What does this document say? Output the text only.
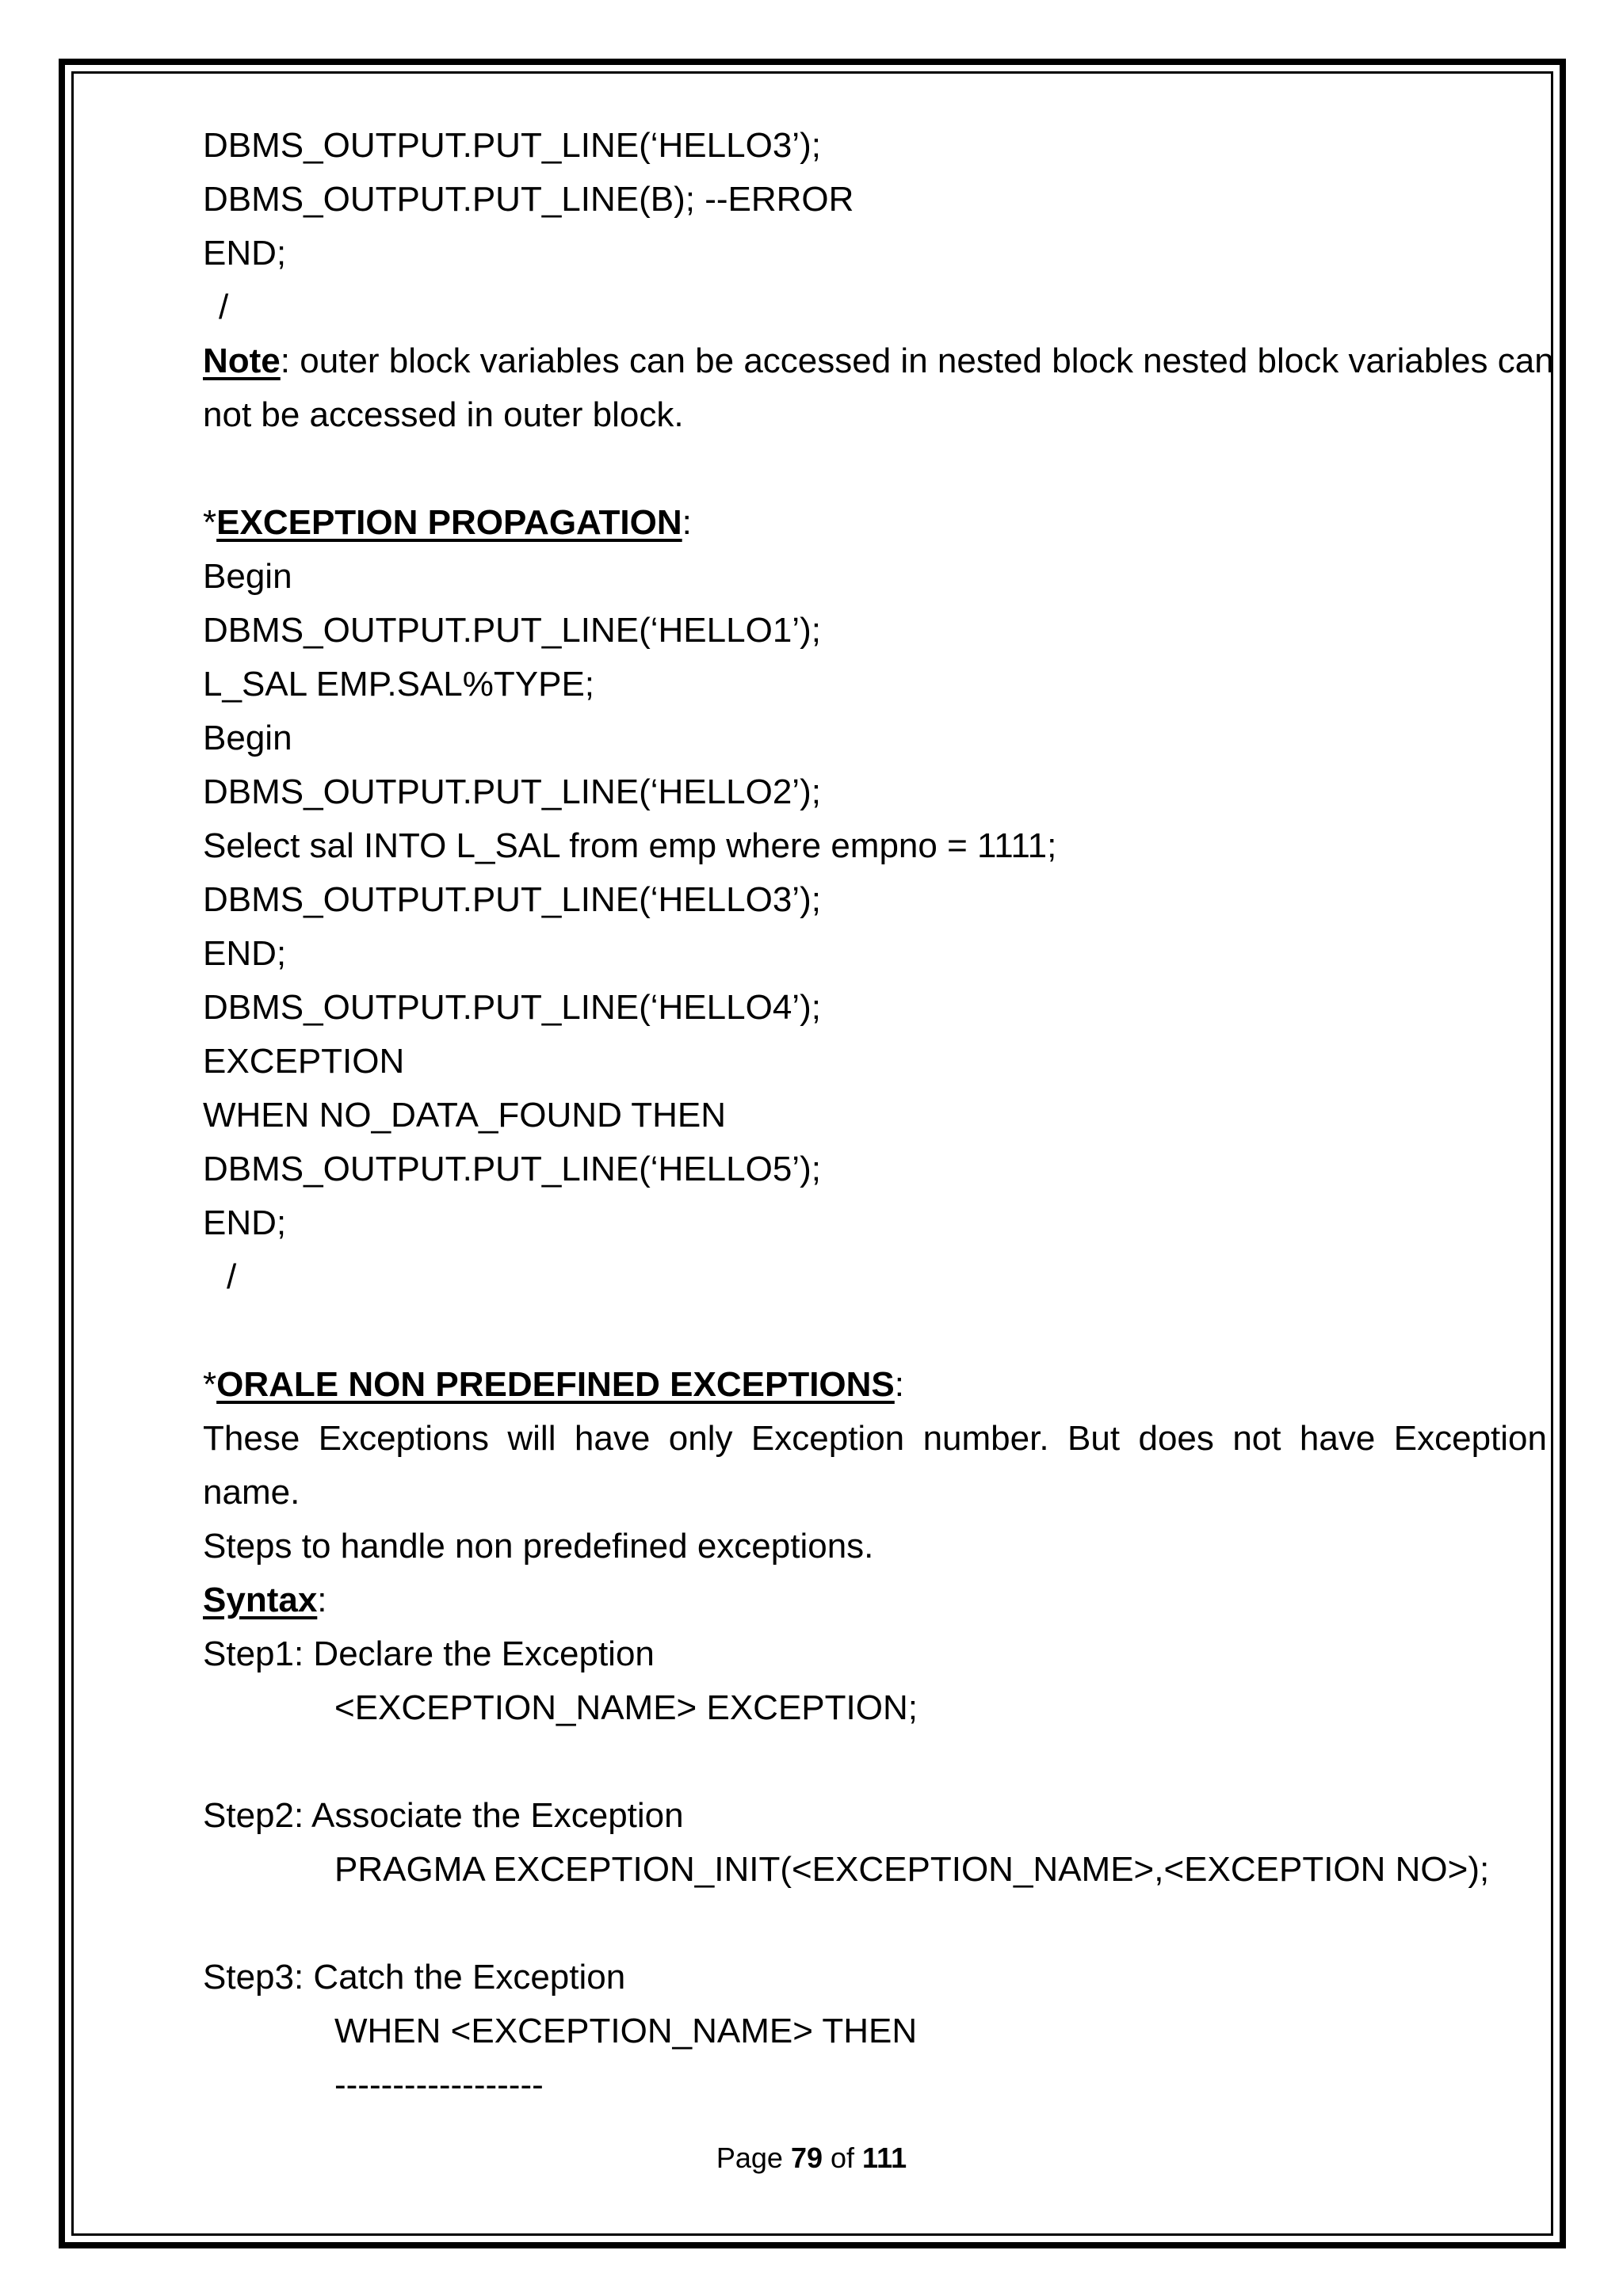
DBMS_OUTPUT.PUT_LINE(‘HELLO3’);
DBMS_OUTPUT.PUT_LINE(B); --ERROR
END;
/
Note: outer block variables can be accessed in nested block nested block variables can
not be accessed in outer block.
*EXCEPTION PROPAGATION:
Begin
DBMS_OUTPUT.PUT_LINE(‘HELLO1’);
L_SAL EMP.SAL%TYPE;
Begin
DBMS_OUTPUT.PUT_LINE(‘HELLO2’);
Select sal INTO L_SAL from emp where empno = 1111;
DBMS_OUTPUT.PUT_LINE(‘HELLO3’);
END;
DBMS_OUTPUT.PUT_LINE(‘HELLO4’);
EXCEPTION
WHEN NO_DATA_FOUND THEN
DBMS_OUTPUT.PUT_LINE(‘HELLO5’);
END;
/
*ORALE NON PREDEFINED EXCEPTIONS:
These Exceptions will have only Exception number. But does not have Exception
name.
Steps to handle non predefined exceptions.
Syntax:
Step1: Declare the Exception
<EXCEPTION_NAME> EXCEPTION;
Step2: Associate the Exception
PRAGMA EXCEPTION_INIT(<EXCEPTION_NAME>,<EXCEPTION NO>);
Step3: Catch the Exception
WHEN <EXCEPTION_NAME> THEN
------------------
Page 79 of 111
